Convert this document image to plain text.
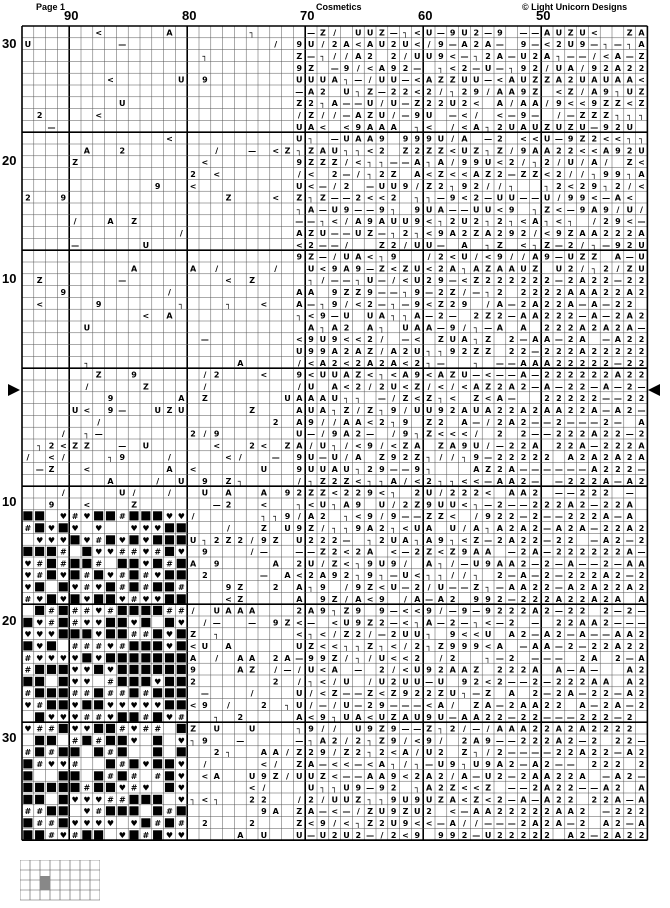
Page 1	Cosmetics	© Light Unicorn Designs
90	80	70	60	50
30
20
10
10
20
30
<	A	┐	— Z / U U Z — ┐ < U — 9 U 2 — 9 — — A U Z U <	Z A
U	—	/ 9 U / 2 A < A U 2 U < / 9 — A 2 A — 9 — < 2 U 9 — ┐ — ┐ A
┐	Z — ┐ / / A 2 2 / U U 9 < — ┐ 2 A — U 2 A ┐ — — / < A — Z
9 Z — 9 / < A 9 2 — ┐ < 2 — U — ┐ 9 2 / U A / 9 2 A 2 2
<	U 9	U U U A ┐ — / U U — < A Z Z U U — < A U Z Z A 2 U A U A A <
— A 2 U ┐ Z — 2 2 < 2 / ┐ 2 9 / A A 9 Z < Z / A 9 ┐ U Z
U	Z 2 ┐ A — — U / U — Z 2 2 U 2 < A / A A / 9 < < 9 Z Z < Z
2	<	/ Z / / — A Z U / — 9 U — < / < — 9 — / — Z Z Z ┐ ┐ ┐
—	U A < < 9 A A A ┐ < / < A ┐ 2 U A U Z U Z U — 9 2 U
<	U ┐ — U A A 9 9 9 9 U / A — 2 < < U — 9 Z 2 < < ┐ ┐
A	2	/	— < Z ┐ Z A U ┐ ┐ < 2 Z 2 Z Z < U Z ┐ Z / 9 A A 2 2 < < A 9 2 U
Z	<	9 Z Z Z / < ┐ ┐ — — A ┐ A / 9 9 U < 2 / ┐ 2 / U / A / Z <
2 <	/ < 2 — / ┐ 2 Z A < Z < < A Z 2 — Z Z < 2 / / ┐ 9 9 ┐ A
9	<	U < — / 2 — U U 9 / Z 2 ┐ 9 2 / / ┐	┐ 2 < 2 9 ┐ 2 / <
2	9	Z	< Z ┐ Z — — 2 < < 2 ┐ ┐ — 9 < 2 — U U — — U / 9 9 < — A <
┐ A — U 9 — — 9 ┐ 9 U A — — U U < 9 ┐ Z < — 9 A 9 / U /
/	A Z	— — ┐ < / A 9 A U U 9 < ┐ 2 U 2 ┐ 2 ┐ < A ┐ < ┐ / 2 9 < —
/	A Z U — — U Z — ┐ 2 ┐ < 9 A 2 Z A 2 9 2 / < 9 Z A A 2 2 2 A
—	U	< 2 — — /	Z 2 / U U — A ┐ Z < ┐ Z — 2 / ┐ — 9 2 U
9 Z — / U A < ┐ 9	/ 2 < U / < 9 / / A 9 — U Z Z A — U
A	A /	/	U < 9 A 9 — Z < Z U < 2 A ┐ A Z A A U Z U 2 / ┐ 2 / Z U
Z	—	< Z	┐ / — — ┐ U — / < U 2 9 — < Z 2 2 2 2 2 2 — 2 A 2 2 — 2 2
9	/	A A 9 Z Z 9 — — ┐ 9 — 2 Z / — ┐ 2 2 2 2 2 A A A 2 2 A 2
<	9	┐	┐	<	A — ┐ 9 / < 2 — ┐ — 9 < Z 2 9 / A — 2 A 2 2 A — A — 2 2
< A	┐ < 9 — U U A ┐ ┐ A — 2 — 2 Z 2 — A A 2 2 2 — A — 2 A 2
U	A ┐ A 2 A ┐ U A A — 9 / ┐ — A A 2 2 2 A 2 A 2 A —
—	< 9 U 9 < < 2 / — < Z U A ┐ Z 2 — A A — 2 A — A 2 2
U 9 9 A 2 A Z / A 2 U ┐ ┐ 9 2 Z Z 2 2 — 2 2 2 A 2 2 2 2 2
┐	A	/ < A 2 < 2 A 2 A < 2 ┐ —	┐ — — A A A 2 2 2 2 2 — 2 2
Z	9	/ 2	<	9 < U U A Z < ┐ < A 9 < A Z U — < — — A — 2 2 2 2 2 2 A 2 2
/	Z	/	/ U A < 2 / 2 U < Z / < / < A Z 2 A 2 — A — 2 2 — A — 2 —
9	A Z	U A A A U ┐ ┐ — / Z < Z ┐ < Z < A —	2 2 2 2 2 — — 2 2
U < 9 —	U Z U	Z	A U A ┐ Z / Z ┐ 9 / U U 9 2 A U A 2 2 A 2 A A 2 2 A — A 2 —
/	2 A 9 / / A A < 2 ┐ 9 Z 2 A — / 2 A 2 — — 2 — — — 2 — A
/ ┐ —	2 / 9	U — / 9 A 2 — / 9 ┐ Z < < < / 2 2 — — 2 2 2 A 2 2 — 2
┐ 2 < Z Z	— U	<	2 < Z A / U ┐ / < 9 / < Z A Z A 9 U / — 2 2 A 2 2 A — 2 2 2 A
/ < /	┐ 9	/	< /	— 9 U — U / A Z 9 2 Z ┐ / / ┐ 9 — 2 2 2 2 2 A 2 A 2 A 2 A
— Z	<	A <	U	9 U U A U ┐ 2 9 — — 9 ┐	A Z 2 A — — — — — — A 2 2 2 —
A	/ U 9 Z ┐	/ ┐ Z 2 Z < ┐ ┐ A / < 2 ┐ ┐ < < — A A 2 — — 2 2 2 A — A 2
/	U /	/	U A	A 9 2 Z Z < 2 2 9 < ┐ 2 U / 2 2 2 < A A 2 — — 2 2 2 —
9	<	Z	— 2	<	┐ < U ┐ A 9 U / 2 Z 9 U U < ┐ — 2 — — 2 2 2 A 2 — 2 2 A
■ ■ ♥ # ♥ ■ ■ # ■ ■ ■ ♥ ♥ /	┐ ┐ 9 / A 2 ┐ < 9 / 9 — — Z Z < / 9 2 2 — 2 — — 2 2 2 A — A
# ■ ♥ ■ ♥ ♥	♥ ♥ ♥ ■ ■	/	Z U 9 Z / ┐ ┐ 9 A 2 ┐ < U A U / A ┐ A 2 A 2 — A 2 A — 2 2 A 2
♥ ♥ ♥ ■ ♥ # ■ ♥ ■ ♥ ■ ■ ■ U ┐ 2 Z 2 / 9 Z U 2 2 2 — ┐ 2 U A ┐ A 9 ┐ < Z — 2 A 2 2 — 2 2 — A 2 — 2
■ ■ ■ # ■ ♥ ♥ # # ♥ # ■ ♥ 9	/ —	— — Z 2 < 2 A < — 2 Z < Z 9 A A — 2 A — 2 2 2 2 2 2 A —
♥ # ■ # ■ ■ # ■ ■ ♥ ■ # ■ A 9	A 2 U / Z < ┐ 9 U 9 / A ┐ / — U 9 A A 2 — 2 — A — — 2 — A A
♥ # ■ ♥ ■ # ■ ♥ # ■ # ♥ ■ ■ 2	— A < 2 A 9 2 ┐ 9 ┐ — U < ┐ ┐ / / ┐ 2 — A — 2 — 2 2 2 A 2 — 2
♥ ■ ■ ♥ # ♥ ■ # ■ # ■ ■ #	9 Z	2 A ┐ 9 / 9 Z < U — 2 / U — — Z ┐ — A A 2 2 — A 2 A 2 2 A 2
# ♥ ■ ♥ ■ ♥ ■ ■ ♥ # ♥ ♥ ■ ■	< Z	A 9 Z / A < 9 / A — A 2 9 9 2 — 2 2 2 A 2 2 A 2 A A
■ # ■ # # ♥ # ■ ■ ■ ■ # # / U A A A	2 A 9 ┐ Z 9 9 — < < 9 / — 9 — 9 2 2 2 A 2 — 2 2 2 — 2 —
■ ♥ # ■ # ♥ ♥ ■ ■ ♥ ■ ■ ♥ / —	— 9 Z < — < U 9 Z 2 — < ┐ A — 2 — ┐ < — 2 — 2 2 A A 2 — — —
♥ ♥ ♥ ■ ■ ■ ♥ ■ ■ # # ■ ♥ ■ Z ┐	< ┐ < / Z 2 / — 2 U U ┐ 9 < < U A 2 — A 2 — A — — A A 2
■ ♥ ■ # # # ♥ # ■ ■ ■ ♥ ■ < U A	U Z < < ┐ ┐ Z ┐ < / 2 ┐ Z 9 9 9 < A — A A — 2 — 2 2 A 2 2
# ♥ ♥ ♥ ♥ ■ ♥ ■ ■ ■ ■ ■ ■ ■ A / A A 2 A — 9 9 Z / ┐ / U < < 2 / 2	┐ — 2 — — — 2 A 2 — A
# ■ ■ ■ ♥ ♥ ■ ♥ ■ ■ ■ ■ ■ ■ 9	A Z / — / U < A — 2 / < U 9 2 A A Z 2 2 2 A A — A —	A 2
■ ■ ■ ♥ ♥ # ■ ■ ■ ♥ ■ ■ 2	2 / ┐ < / U / U 2 U U — U 9 2 < 2 — — 2 — 2 2 2 A A A 2
# ■ ■ ■ # # ■ # # ■ # ■ ■ ■ —	/	U / < Z — — Z < Z 9 2 2 Z U ┐ — Z A 2 — 2 A — 2 2 — A 2
♥ # ■ ■ ♥ ■ ■ ♥ ♥ ♥ ♥ ♥ ■ ■ < 9 /	2 ┐ U / — / U — 2 9 — — — < A / Z A — 2 A A 2 2 A — 2 A — 2
■ ♥ ♥ ♥ # # ♥ ■ ■ # ■ ♥ #	┐ 2	A < 9 ┐ U A < U Z A U 9 U — A A 2 2 — 2 2 — — — 2 2 2 — 2
♥ # # ■ ♥ ♥ ■ ■ # ♥ # # ■ Z U	U	┐ 9 / / U 9 Z 9 — — Z ┐ 2 / — / A A A 2 2 A 2 A 2 2 2 2
■ ■ # ■ # ■ ■ ♥ ■ ♥ ┐ 9	—	— ┐ A 2 / 2 ┐ Z 9 / < 9 / 2 A 9 — — 2 2 2 A 2 — 2 2 2 —
# ■ # ■ ■ ■ # ■ ■ ■	2 ┐	A A / Z 2 9 / Z 2 ┐ 2 < A / U 2 Z ┐ / 2 — — — — 2 2 A 2 2 — A 2
■ # ♥ ♥ # ■ # ■ ♥ ■ ■ ♥ /	< / Z A — < < — < A ┐ / ┐ — U 9 ┐ U 9 A 2 — A 2 — — 2 2 2 2
■ ■ ■ ■ # ■ # # ■ ♥ < A	U 9 Z / U U Z < — — A A 9 < 2 A 2 / A — U 2 — 2 A A 2 2 A — A 2 —
■ ■ ■ ■ ■ # ■ ■ ♥ # ♥ ■ ♥	< /	U ┐ ┐ U 9 — 9 2 ┐ A 2 Z < < Z — — 2 A 2 2 — — A 2 A
■ ■ ■ ♥ ♥ ♥ # # ■ ■ ■ ♥ ┐ < ┐	2 2	/ 2 / U U Z ┐ ┐ 9 U 9 U Z A < Z < 2 — A — A 2 2 2 2 A — A
# # ■ ■ ♥ # ■ ■ ■ ■ # ■	9 A Z A — < — / Z U 9 Z U 2 < — A A 2 2 2 2 2 A A 2 — 2 2 2
■ # # ■ ♥ ♥ ♥ ♥ ♥ ■ # ■ # 2	2	Z < 9 / < ┐ Z 2 U 9 < < — A / / — — — 2 A 2 A — 2 A 2 — A
■ ■ # ♥ # ■ ■ ♥ ■ # ■ ♥ ♥	A U	U — U 2 U 2 — / 2 < 9 9 9 2 — U 2 2 2 2 2 A 2 — 2 A 2 2
